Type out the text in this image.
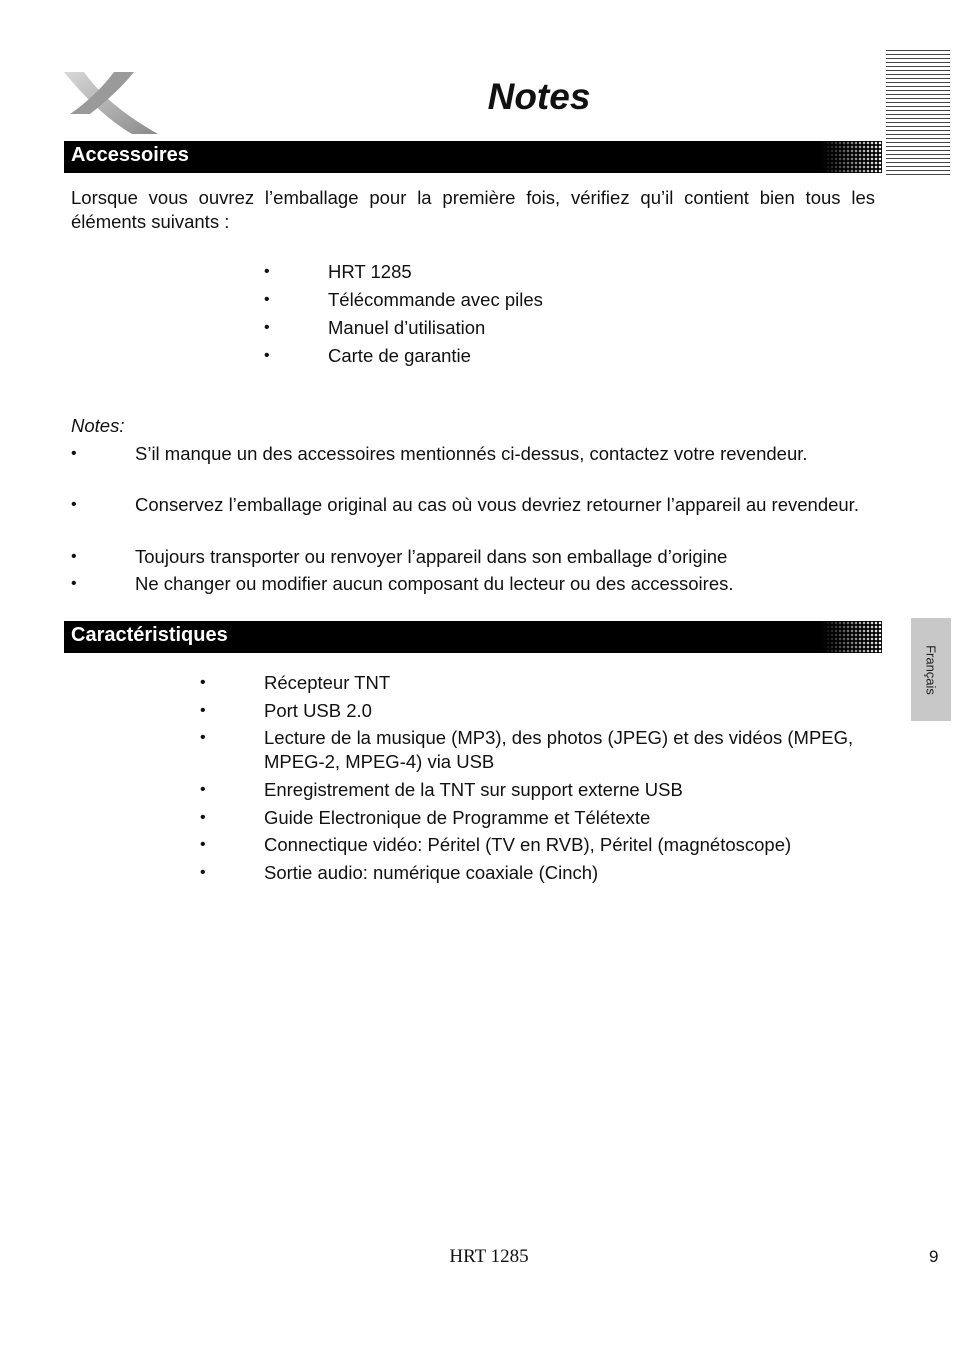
Notes
Accessoires

Lorsque vous ouvrez l’emballage pour la première fois, vérifiez qu’il contient bien tous les éléments suivants :

•	HRT 1285
•	Télécommande avec piles
•	Manuel d’utilisation
•	Carte de garantie
Notes:
•	S’il manque un des accessoires mentionnés ci-dessus, contactez votre revendeur.
•	Conservez l’emballage original au cas où vous devriez retourner l’appareil au revendeur.
•	Toujours transporter ou renvoyer l’appareil dans son emballage d’origine
•	Ne changer ou modifier aucun composant du lecteur ou des accessoires.
Caractéristiques
•	Récepteur TNT
•	Port USB 2.0
•	Lecture de la musique (MP3), des photos (JPEG) et des vidéos (MPEG, MPEG-2, MPEG-4) via USB
•	Enregistrement de la TNT sur support externe USB
•	Guide Electronique de Programme et Télétexte
•	Connectique vidéo: Péritel (TV en RVB), Péritel (magnétoscope)
•	Sortie audio: numérique coaxiale (Cinch)
Français
HRT 1285	9
